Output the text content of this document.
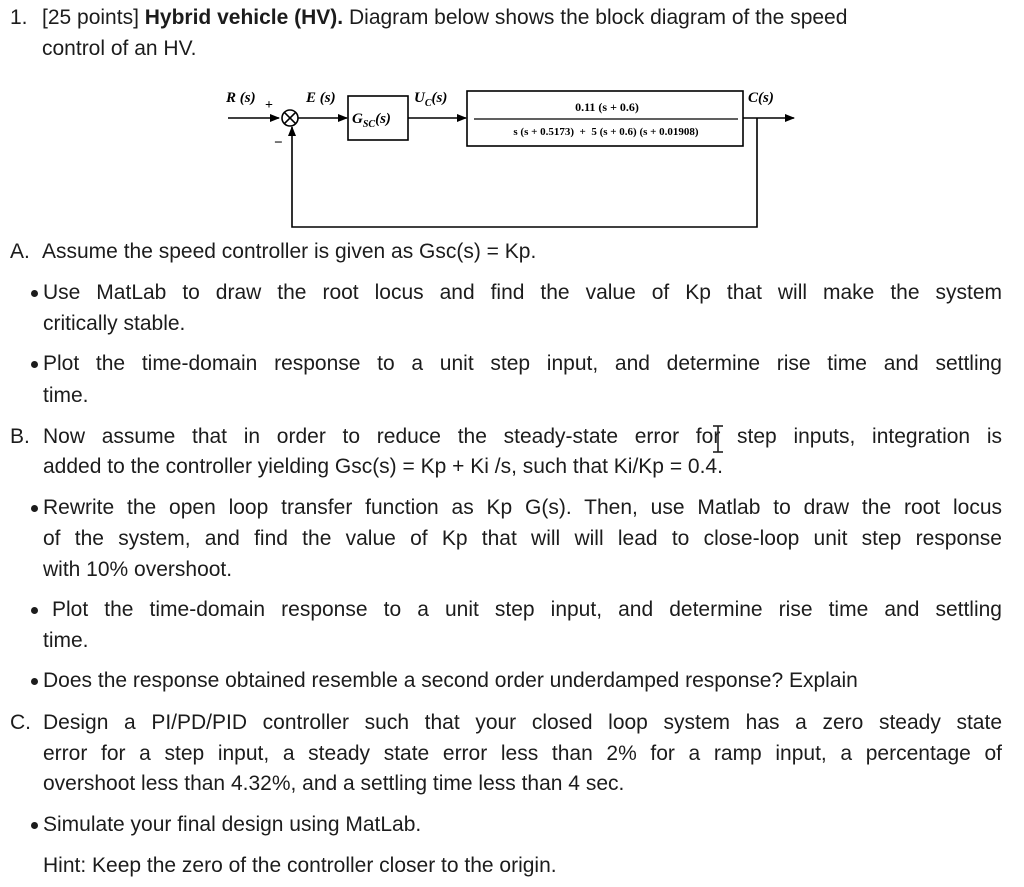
1. [25 points] Hybrid vehicle (HV). Diagram below shows the block diagram of the speed
control of an HV.
R (s) +
−
E (s)
$G_{SC}(s)$
$U_C(s)$
0.11 (s + 0.6)
s (s + 0.5173)  +  5 (s + 0.6) (s + 0.01908)
C(s)
A. Assume the speed controller is given as Gsc(s) = Kp.
Use MatLab to draw the root locus and find the value of Kp that will make the system
critically stable.
Plot the time-domain response to a unit step input, and determine rise time and settling
time.
B. Now assume that in order to reduce the steady-state error for step inputs, integration is
added to the controller yielding Gsc(s) = Kp + Ki /s, such that Ki/Kp = 0.4.
Rewrite the open loop transfer function as Kp G(s). Then, use Matlab to draw the root locus
of the system, and find the value of Kp that will will lead to close-loop unit step response
with 10% overshoot.
Plot the time-domain response to a unit step input, and determine rise time and settling
time.
Does the response obtained resemble a second order underdamped response? Explain
C. Design a PI/PD/PID controller such that your closed loop system has a zero steady state
error for a step input, a steady state error less than 2% for a ramp input, a percentage of
overshoot less than 4.32%, and a settling time less than 4 sec.
Simulate your final design using MatLab.
Hint: Keep the zero of the controller closer to the origin.
